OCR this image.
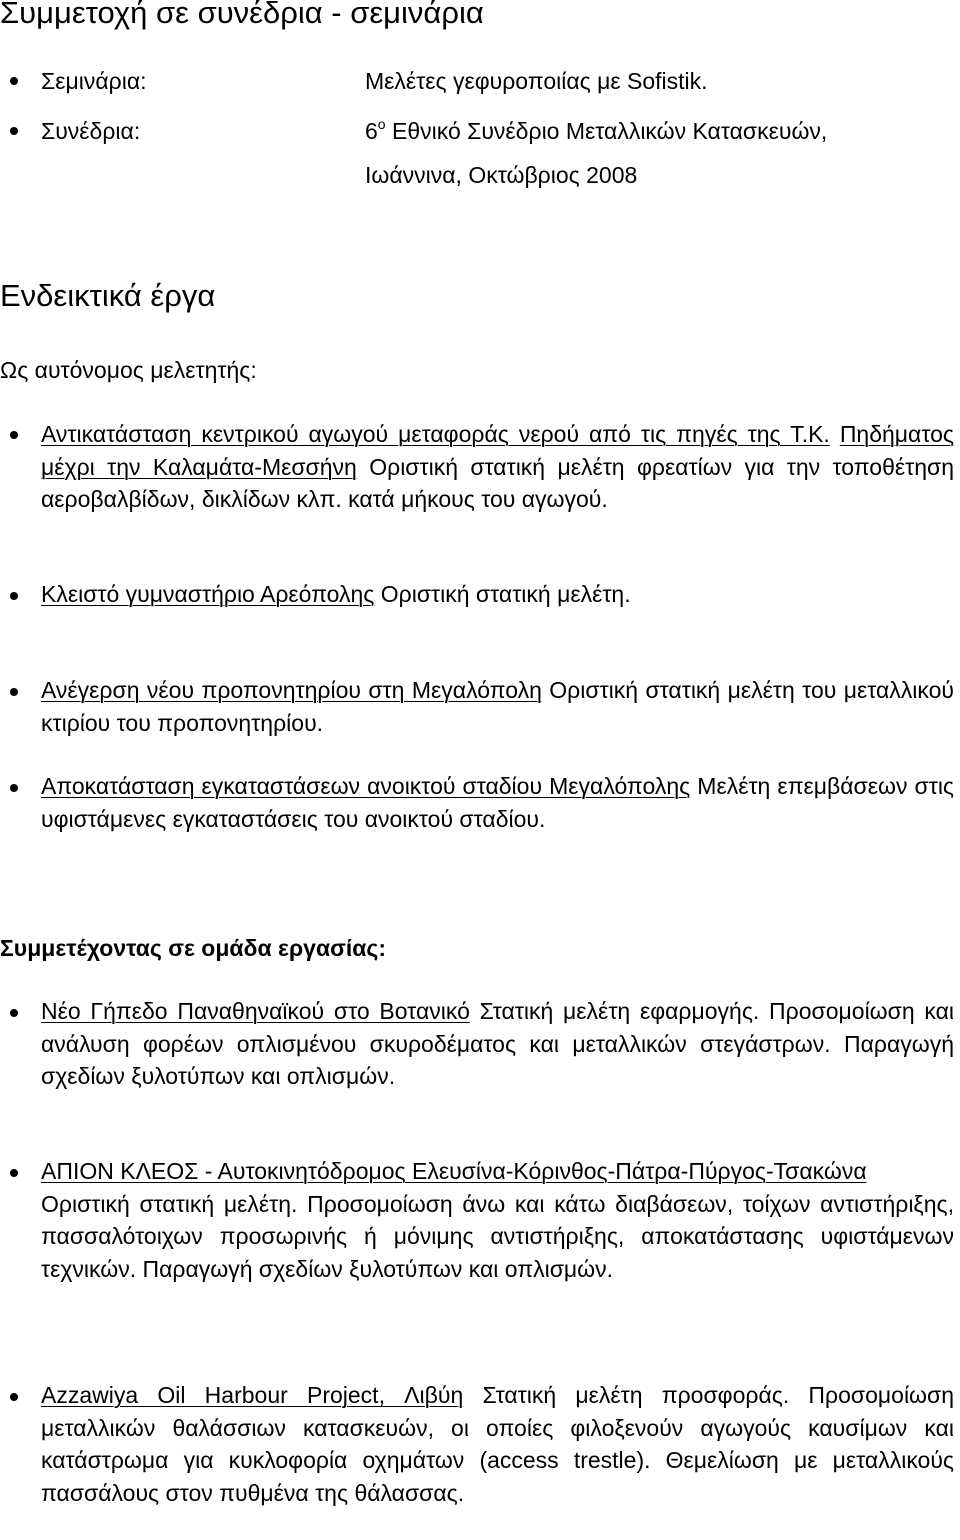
Συμμετοχή σε συνέδρια - σεμινάρια
Σεμινάρια:	Μελέτες γεφυροποιίας με Sofistik.
Συνέδρια:	$6^o$ Εθνικό Συνέδριο Μεταλλικών Κατασκευών,
Ιωάννινα, Οκτώβριος 2008
Ενδεικτικά έργα
Ως αυτόνομος μελετητής:
Αντικατάσταση κεντρικού αγωγού μεταφοράς νερού από τις πηγές της Τ.Κ. Πηδήματος μέχρι την Καλαμάτα-Μεσσήνη Οριστική στατική μελέτη φρεατίων για την τοποθέτηση αεροβαλβίδων, δικλίδων κλπ. κατά μήκους του αγωγού.
Κλειστό γυμναστήριο Αρεόπολης Οριστική στατική μελέτη.
Ανέγερση νέου προπονητηρίου στη Μεγαλόπολη Οριστική στατική μελέτη του μεταλλικού κτιρίου του προπονητηρίου.
Αποκατάσταση εγκαταστάσεων ανοικτού σταδίου Μεγαλόπολης Μελέτη επεμβάσεων στις υφιστάμενες εγκαταστάσεις του ανοικτού σταδίου.
Συμμετέχοντας σε ομάδα εργασίας:
Νέο Γήπεδο Παναθηναϊκού στο Βοτανικό Στατική μελέτη εφαρμογής. Προσομοίωση και ανάλυση φορέων οπλισμένου σκυροδέματος και μεταλλικών στεγάστρων. Παραγωγή σχεδίων ξυλοτύπων και οπλισμών.
ΑΠΙΟΝ ΚΛΕΟΣ - Αυτοκινητόδρομος Ελευσίνα-Κόρινθος-Πάτρα-Πύργος-Τσακώνα
Οριστική στατική μελέτη. Προσομοίωση άνω και κάτω διαβάσεων, τοίχων αντιστήριξης, πασσαλότοιχων προσωρινής ή μόνιμης αντιστήριξης, αποκατάστασης υφιστάμενων τεχνικών. Παραγωγή σχεδίων ξυλοτύπων και οπλισμών.
Azzawiya Oil Harbour Project, Λιβύη Στατική μελέτη προσφοράς. Προσομοίωση μεταλλικών θαλάσσιων κατασκευών, οι οποίες φιλοξενούν αγωγούς καυσίμων και κατάστρωμα για κυκλοφορία οχημάτων (access trestle). Θεμελίωση με μεταλλικούς πασσάλους στον πυθμένα της θάλασσας.
